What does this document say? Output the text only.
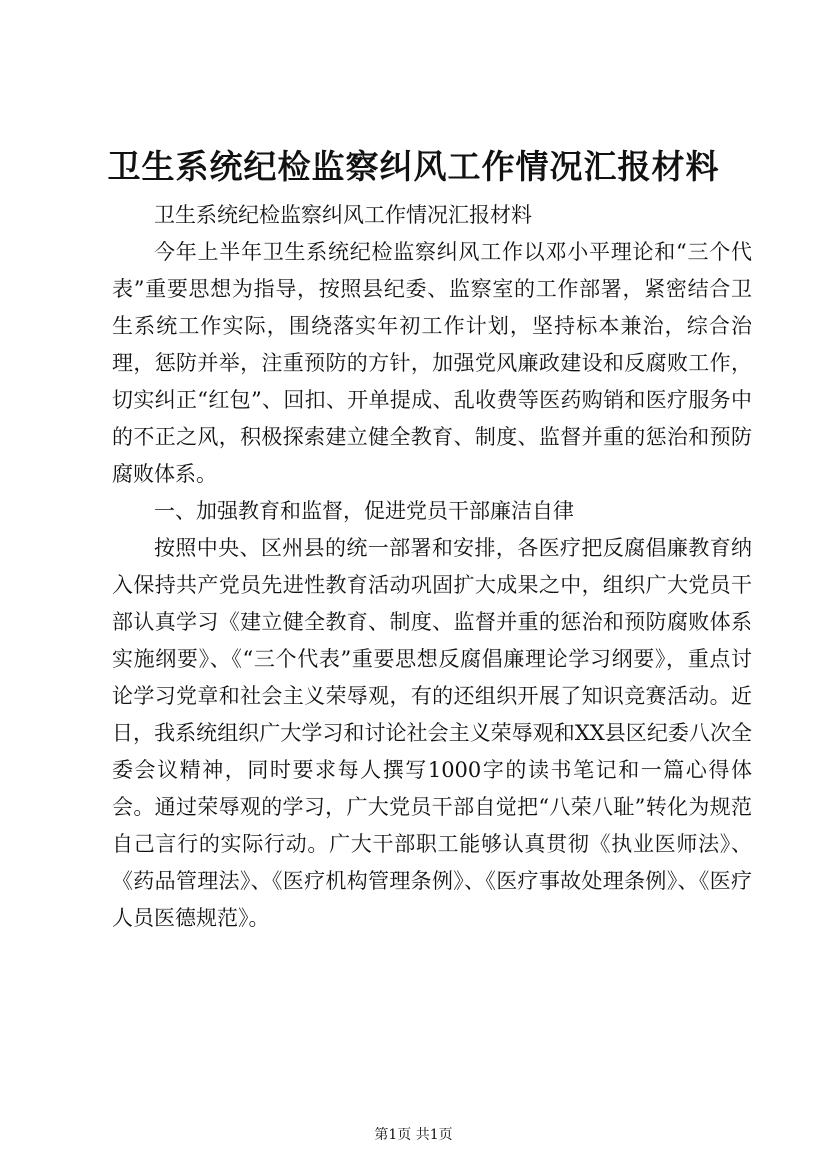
卫生系统纪检监察纠风工作情况汇报材料

卫生系统纪检监察纠风工作情况汇报材料

今年上半年卫生系统纪检监察纠风工作以邓小平理论和“三个代表”重要思想为指导，按照县纪委、监察室的工作部署，紧密结合卫生系统工作实际，围绕落实年初工作计划，坚持标本兼治，综合治理，惩防并举，注重预防的方针，加强党风廉政建设和反腐败工作，切实纠正“红包”、回扣、开单提成、乱收费等医药购销和医疗服务中的不正之风，积极探索建立健全教育、制度、监督并重的惩治和预防腐败体系。

一、加强教育和监督，促进党员干部廉洁自律

按照中央、区州县的统一部署和安排，各医疗把反腐倡廉教育纳入保持共产党员先进性教育活动巩固扩大成果之中，组织广大党员干部认真学习《建立健全教育、制度、监督并重的惩治和预防腐败体系实施纲要》、《“三个代表”重要思想反腐倡廉理论学习纲要》，重点讨论学习党章和社会主义荣辱观，有的还组织开展了知识竞赛活动。近日，我系统组织广大学习和讨论社会主义荣辱观和XX县区纪委八次全委会议精神，同时要求每人撰写1000字的读书笔记和一篇心得体会。通过荣辱观的学习，广大党员干部自觉把“八荣八耻”转化为规范自己言行的实际行动。广大干部职工能够认真贯彻《执业医师法》、《药品管理法》、《医疗机构管理条例》、《医疗事故处理条例》、《医疗人员医德规范》。

第1页 共1页
